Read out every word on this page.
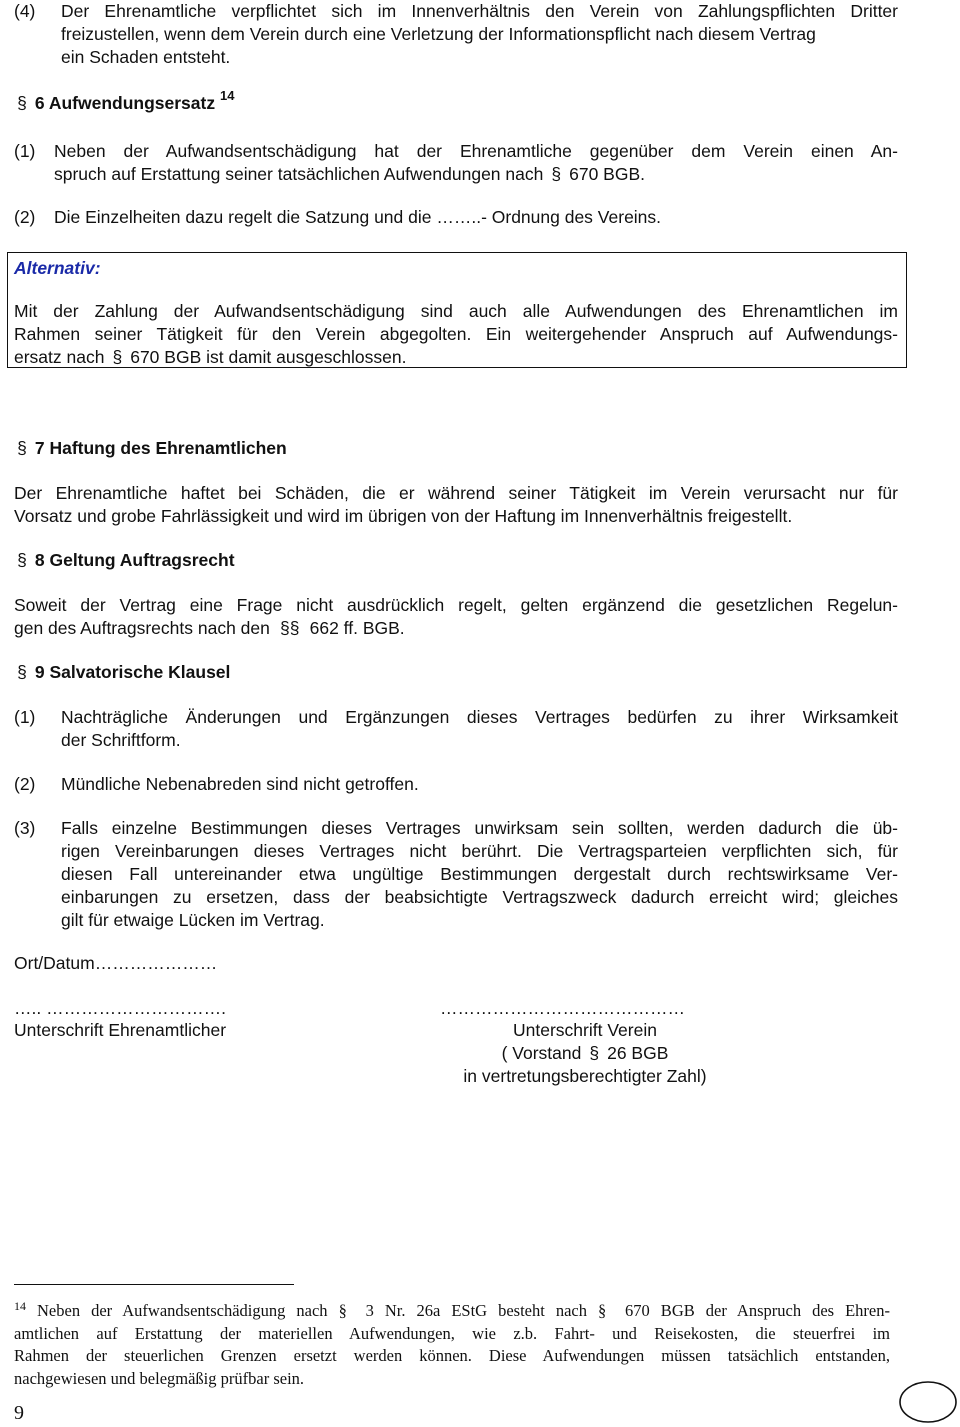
(4) Der Ehrenamtliche verpflichtet sich im Innenverhältnis den Verein von Zahlungspflichten Dritter
freizustellen, wenn dem Verein durch eine Verletzung der Informationspflicht nach diesem Vertrag
ein Schaden entsteht.
§ 6 Aufwendungsersatz $^{14}$
(1) Neben der Aufwandsentschädigung hat der Ehrenamtliche gegenüber dem Verein einen An-
spruch auf Erstattung seiner tatsächlichen Aufwendungen nach § 670 BGB.
(2) Die Einzelheiten dazu regelt die Satzung und die ……..- Ordnung des Vereins.
Alternativ:
Mit der Zahlung der Aufwandsentschädigung sind auch alle Aufwendungen des Ehrenamtlichen im
Rahmen seiner Tätigkeit für den Verein abgegolten. Ein weitergehender Anspruch auf Aufwendungs-
ersatz nach § 670 BGB ist damit ausgeschlossen.
§ 7 Haftung des Ehrenamtlichen
Der Ehrenamtliche haftet bei Schäden, die er während seiner Tätigkeit im Verein verursacht nur für
Vorsatz und grobe Fahrlässigkeit und wird im übrigen von der Haftung im Innenverhältnis freigestellt.
§ 8 Geltung Auftragsrecht
Soweit der Vertrag eine Frage nicht ausdrücklich regelt, gelten ergänzend die gesetzlichen Regelun-
gen des Auftragsrechts nach den §§ 662 ff. BGB.
§ 9 Salvatorische Klausel
(1) Nachträgliche Änderungen und Ergänzungen dieses Vertrages bedürfen zu ihrer Wirksamkeit
der Schriftform.
(2) Mündliche Nebenabreden sind nicht getroffen.
(3) Falls einzelne Bestimmungen dieses Vertrages unwirksam sein sollten, werden dadurch die üb-
rigen Vereinbarungen dieses Vertrages nicht berührt. Die Vertragsparteien verpflichten sich, für
diesen Fall untereinander etwa ungültige Bestimmungen dergestalt durch rechtswirksame Ver-
einbarungen zu ersetzen, dass der beabsichtigte Vertragszweck dadurch erreicht wird; gleiches
gilt für etwaige Lücken im Vertrag.
Ort/Datum…………………
….. ………………………….
Unterschrift Ehrenamtlicher
……………………………………
Unterschrift Verein
( Vorstand § 26 BGB
in vertretungsberechtigter Zahl)
$^{14}$ Neben der Aufwandsentschädigung nach § 3 Nr. 26a EStG besteht nach § 670 BGB der Anspruch des Ehren-
amtlichen auf Erstattung der materiellen Aufwendungen, wie z.b. Fahrt- und Reisekosten, die steuerfrei im
Rahmen der steuerlichen Grenzen ersetzt werden können. Diese Aufwendungen müssen tatsächlich entstanden,
nachgewiesen und belegmäßig prüfbar sein.
9
